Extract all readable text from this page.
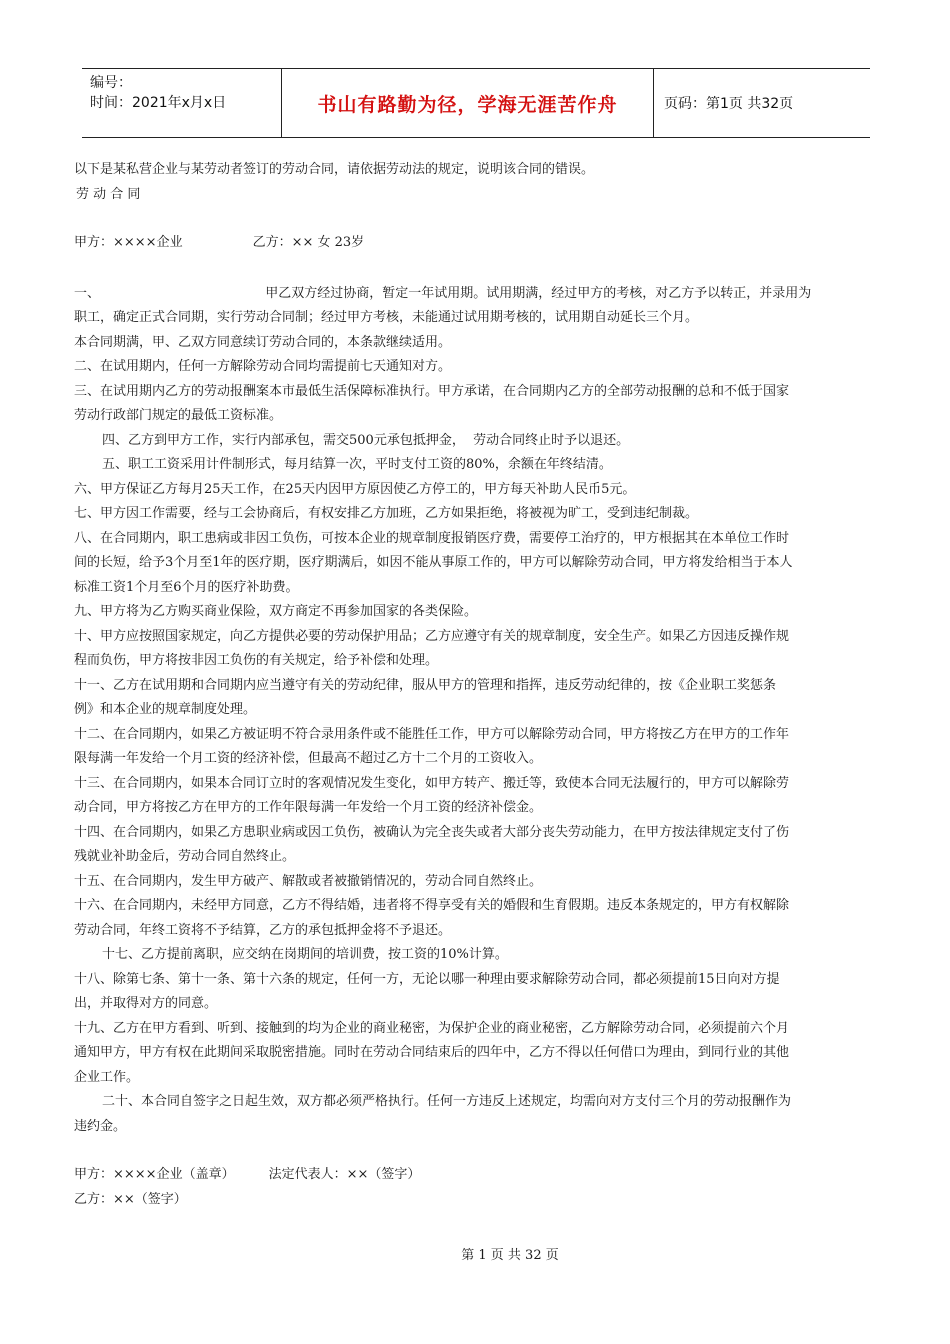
编号：
时间：2021年x月x日	书山有路勤为径，学海无涯苦作舟	页码：第1页 共32页
以下是某私营企业与某劳动者签订的劳动合同，请依据劳动法的规定，说明该合同的错误。
劳 动 合 同
甲方：××××企业	乙方：×× 女 23岁
一、                                        甲乙双方经过协商，暂定一年试用期。试用期满，经过甲方的考核，对乙方予以转正，并录用为
职工，确定正式合同期，实行劳动合同制；经过甲方考核，未能通过试用期考核的，试用期自动延长三个月。
本合同期满，甲、乙双方同意续订劳动合同的，本条款继续适用。
二、在试用期内，任何一方解除劳动合同均需提前七天通知对方。
三、在试用期内乙方的劳动报酬案本市最低生活保障标准执行。甲方承诺，在合同期内乙方的全部劳动报酬的总和不低于国家
劳动行政部门规定的最低工资标准。
四、乙方到甲方工作，实行内部承包，需交500元承包抵押金，  劳动合同终止时予以退还。
五、职工工资采用计件制形式，每月结算一次，平时支付工资的80%，余额在年终结清。
六、甲方保证乙方每月25天工作，在25天内因甲方原因使乙方停工的，甲方每天补助人民币5元。
七、甲方因工作需要，经与工会协商后，有权安排乙方加班，乙方如果拒绝，将被视为旷工，受到违纪制裁。
八、在合同期内，职工患病或非因工负伤，可按本企业的规章制度报销医疗费，需要停工治疗的，甲方根据其在本单位工作时
间的长短，给予3个月至1年的医疗期，医疗期满后，如因不能从事原工作的，甲方可以解除劳动合同，甲方将发给相当于本人
标准工资1个月至6个月的医疗补助费。
九、甲方将为乙方购买商业保险，双方商定不再参加国家的各类保险。
十、甲方应按照国家规定，向乙方提供必要的劳动保护用品；乙方应遵守有关的规章制度，安全生产。如果乙方因违反操作规
程而负伤，甲方将按非因工负伤的有关规定，给予补偿和处理。
十一、乙方在试用期和合同期内应当遵守有关的劳动纪律，服从甲方的管理和指挥，违反劳动纪律的，按《企业职工奖惩条
例》和本企业的规章制度处理。
十二、在合同期内，如果乙方被证明不符合录用条件或不能胜任工作，甲方可以解除劳动合同，甲方将按乙方在甲方的工作年
限每满一年发给一个月工资的经济补偿，但最高不超过乙方十二个月的工资收入。
十三、在合同期内，如果本合同订立时的客观情况发生变化，如甲方转产、搬迁等，致使本合同无法履行的，甲方可以解除劳
动合同，甲方将按乙方在甲方的工作年限每满一年发给一个月工资的经济补偿金。
十四、在合同期内，如果乙方患职业病或因工负伤，被确认为完全丧失或者大部分丧失劳动能力，在甲方按法律规定支付了伤
残就业补助金后，劳动合同自然终止。
十五、在合同期内，发生甲方破产、解散或者被撤销情况的，劳动合同自然终止。
十六、在合同期内，未经甲方同意，乙方不得结婚，违者将不得享受有关的婚假和生育假期。违反本条规定的，甲方有权解除
劳动合同，年终工资将不予结算，乙方的承包抵押金将不予退还。
十七、乙方提前离职，应交纳在岗期间的培训费，按工资的10%计算。
十八、除第七条、第十一条、第十六条的规定，任何一方，无论以哪一种理由要求解除劳动合同，都必须提前15日向对方提
出，并取得对方的同意。
十九、乙方在甲方看到、听到、接触到的均为企业的商业秘密，为保护企业的商业秘密，乙方解除劳动合同，必须提前六个月
通知甲方，甲方有权在此期间采取脱密措施。同时在劳动合同结束后的四年中，乙方不得以任何借口为理由，到同行业的其他
企业工作。
二十、本合同自签字之日起生效，双方都必须严格执行。任何一方违反上述规定，均需向对方支付三个月的劳动报酬作为
违约金。
甲方：××××企业（盖章）	法定代表人：××（签字）
乙方：××（签字）
第 1 页 共 32 页
